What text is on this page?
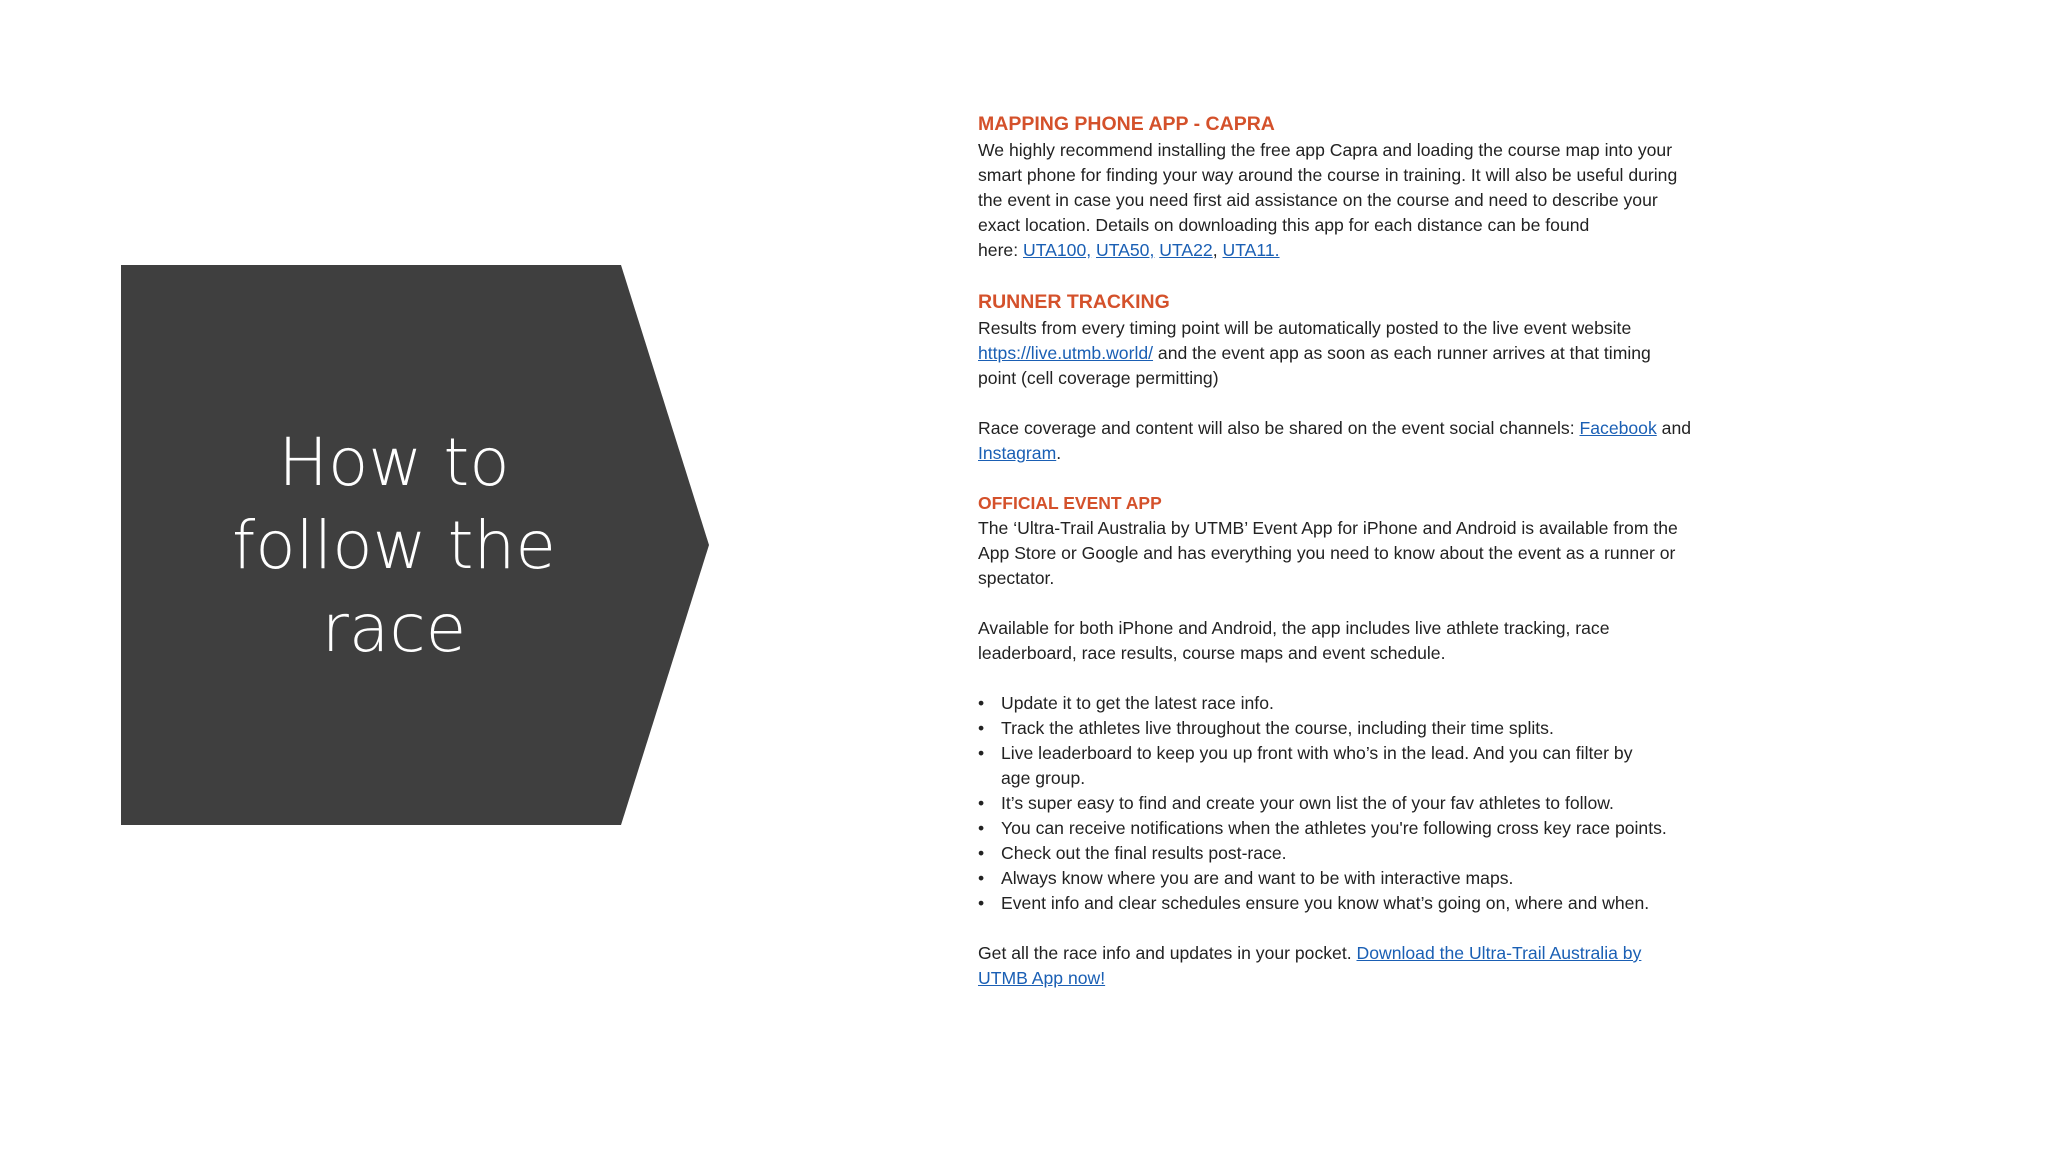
How to
follow the
race

MAPPING PHONE APP - CAPRA

We highly recommend installing the free app Capra and loading the course map into your
smart phone for finding your way around the course in training. It will also be useful during
the event in case you need first aid assistance on the course and need to describe your
exact location. Details on downloading this app for each distance can be found
here: UTA100, UTA50, UTA22, UTA11.

RUNNER TRACKING

Results from every timing point will be automatically posted to the live event website
https://live.utmb.world/ and the event app as soon as each runner arrives at that timing
point (cell coverage permitting)

Race coverage and content will also be shared on the event social channels: Facebook and
Instagram.

OFFICIAL EVENT APP

The ‘Ultra-Trail Australia by UTMB’ Event App for iPhone and Android is available from the
App Store or Google and has everything you need to know about the event as a runner or
spectator.

Available for both iPhone and Android, the app includes live athlete tracking, race
leaderboard, race results, course maps and event schedule.

• Update it to get the latest race info.
• Track the athletes live throughout the course, including their time splits.
• Live leaderboard to keep you up front with who’s in the lead. And you can filter by
age group.
• It’s super easy to find and create your own list the of your fav athletes to follow.
• You can receive notifications when the athletes you're following cross key race points.
• Check out the final results post-race.
• Always know where you are and want to be with interactive maps.
• Event info and clear schedules ensure you know what’s going on, where and when.

Get all the race info and updates in your pocket. Download the Ultra-Trail Australia by
UTMB App now!
